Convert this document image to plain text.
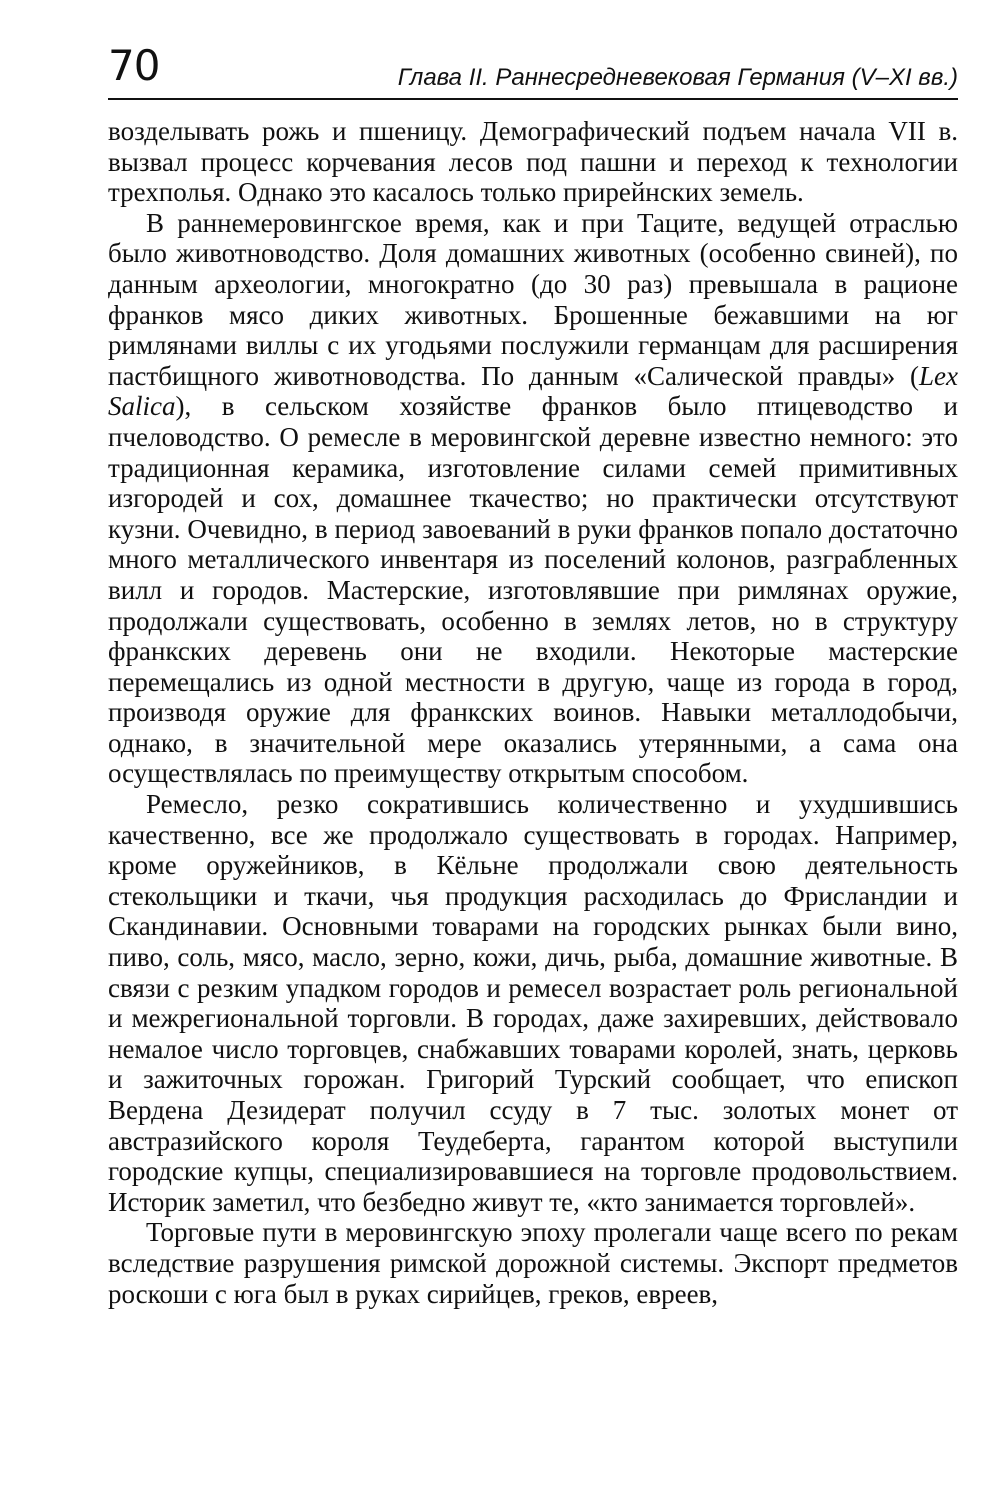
70	Глава II. Раннесредневековая Германия (V–XI вв.)

возделывать рожь и пшеницу. Демографический подъем начала VII в. вызвал процесс корчевания лесов под пашни и переход к технологии трехполья. Однако это касалось только прирейнских земель.

В раннемеровингское время, как и при Таците, ведущей отраслью было животноводство. Доля домашних животных (особенно свиней), по данным археологии, многократно (до 30 раз) превышала в рационе франков мясо диких животных. Брошенные бежавшими на юг римлянами виллы с их угодьями послужили германцам для расширения пастбищного животноводства. По данным «Салической правды» (Lex Salica), в сельском хозяйстве франков было птицеводство и пчеловодство. О ремесле в меровингской деревне известно немного: это традиционная керамика, изготовление силами семей примитивных изгородей и сох, домашнее ткачество; но практически отсутствуют кузни. Очевидно, в период завоеваний в руки франков попало достаточно много металлического инвентаря из поселений колонов, разграбленных вилл и городов. Мастерские, изготовлявшие при римлянах оружие, продолжали существовать, особенно в землях летов, но в структуру франкских деревень они не входили. Некоторые мастерские перемещались из одной местности в другую, чаще из города в город, производя оружие для франкских воинов. Навыки металлодобычи, однако, в значительной мере оказались утерянными, а сама она осуществлялась по преимуществу открытым способом.

Ремесло, резко сократившись количественно и ухудшившись качественно, все же продолжало существовать в городах. Например, кроме оружейников, в Кёльне продолжали свою деятельность стекольщики и ткачи, чья продукция расходилась до Фрисландии и Скандинавии. Основными товарами на городских рынках были вино, пиво, соль, мясо, масло, зерно, кожи, дичь, рыба, домашние животные. В связи с резким упадком городов и ремесел возрастает роль региональной и межрегиональной торговли. В городах, даже захиревших, действовало немалое число торговцев, снабжавших товарами королей, знать, церковь и зажиточных горожан. Григорий Турский сообщает, что епископ Вердена Дезидерат получил ссуду в 7 тыс. золотых монет от австразийского короля Теудеберта, гарантом которой выступили городские купцы, специализировавшиеся на торговле продовольствием. Историк заметил, что безбедно живут те, «кто занимается торговлей».

Торговые пути в меровингскую эпоху пролегали чаще всего по рекам вследствие разрушения римской дорожной системы. Экспорт предметов роскоши с юга был в руках сирийцев, греков, евреев,
